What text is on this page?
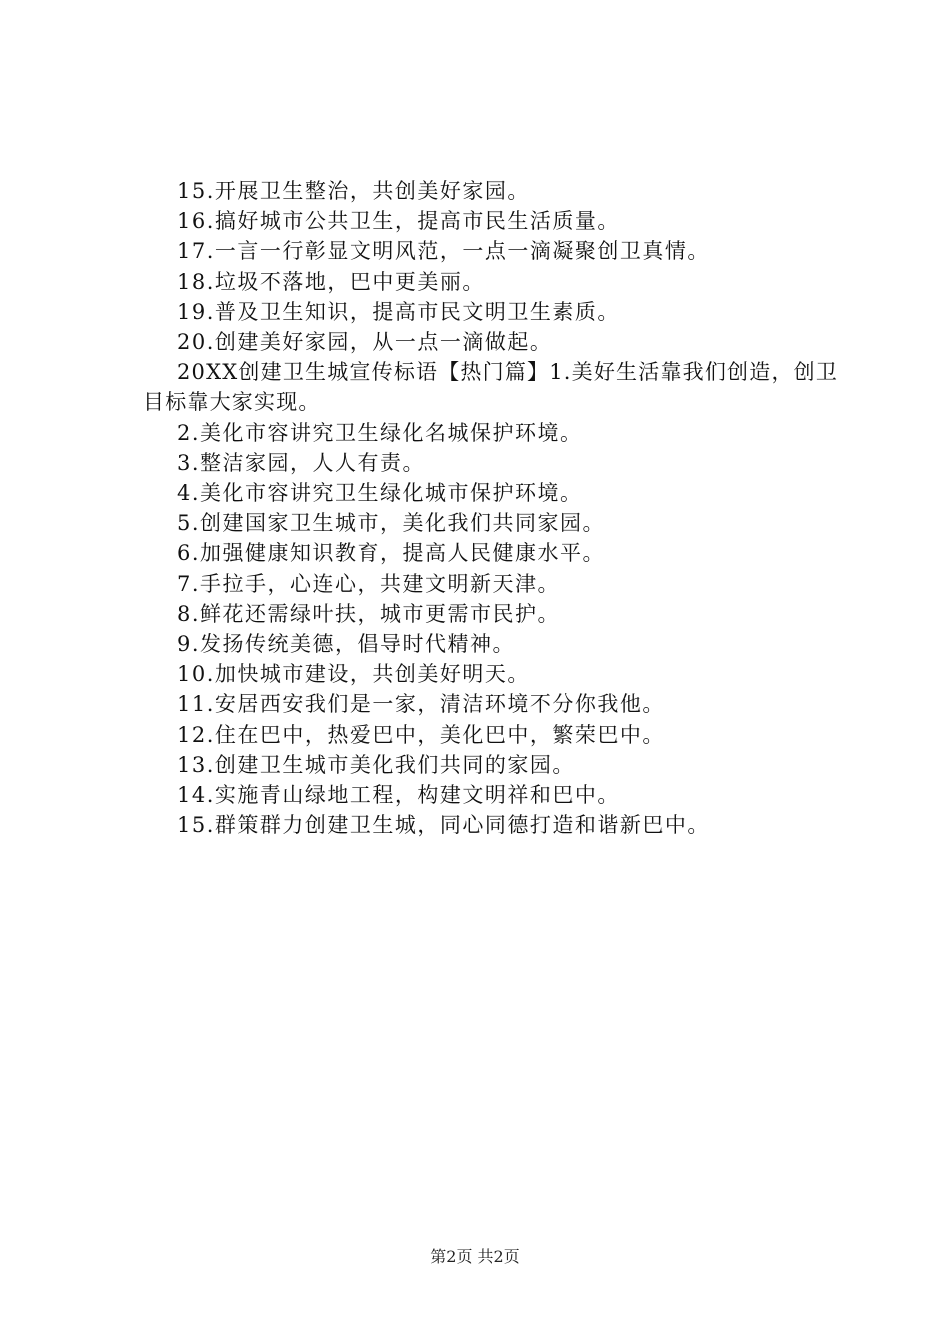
15.开展卫生整治，共创美好家园。
16.搞好城市公共卫生，提高市民生活质量。
17.一言一行彰显文明风范，一点一滴凝聚创卫真情。
18.垃圾不落地，巴中更美丽。
19.普及卫生知识，提高市民文明卫生素质。
20.创建美好家园，从一点一滴做起。
20XX创建卫生城宣传标语【热门篇】1.美好生活靠我们创造，创卫目标靠大家实现。
2.美化市容讲究卫生绿化名城保护环境。
3.整洁家园，人人有责。
4.美化市容讲究卫生绿化城市保护环境。
5.创建国家卫生城市，美化我们共同家园。
6.加强健康知识教育，提高人民健康水平。
7.手拉手，心连心，共建文明新天津。
8.鲜花还需绿叶扶，城市更需市民护。
9.发扬传统美德，倡导时代精神。
10.加快城市建设，共创美好明天。
11.安居西安我们是一家，清洁环境不分你我他。
12.住在巴中，热爱巴中，美化巴中，繁荣巴中。
13.创建卫生城市美化我们共同的家园。
14.实施青山绿地工程，构建文明祥和巴中。
15.群策群力创建卫生城，同心同德打造和谐新巴中。
第2页 共2页
